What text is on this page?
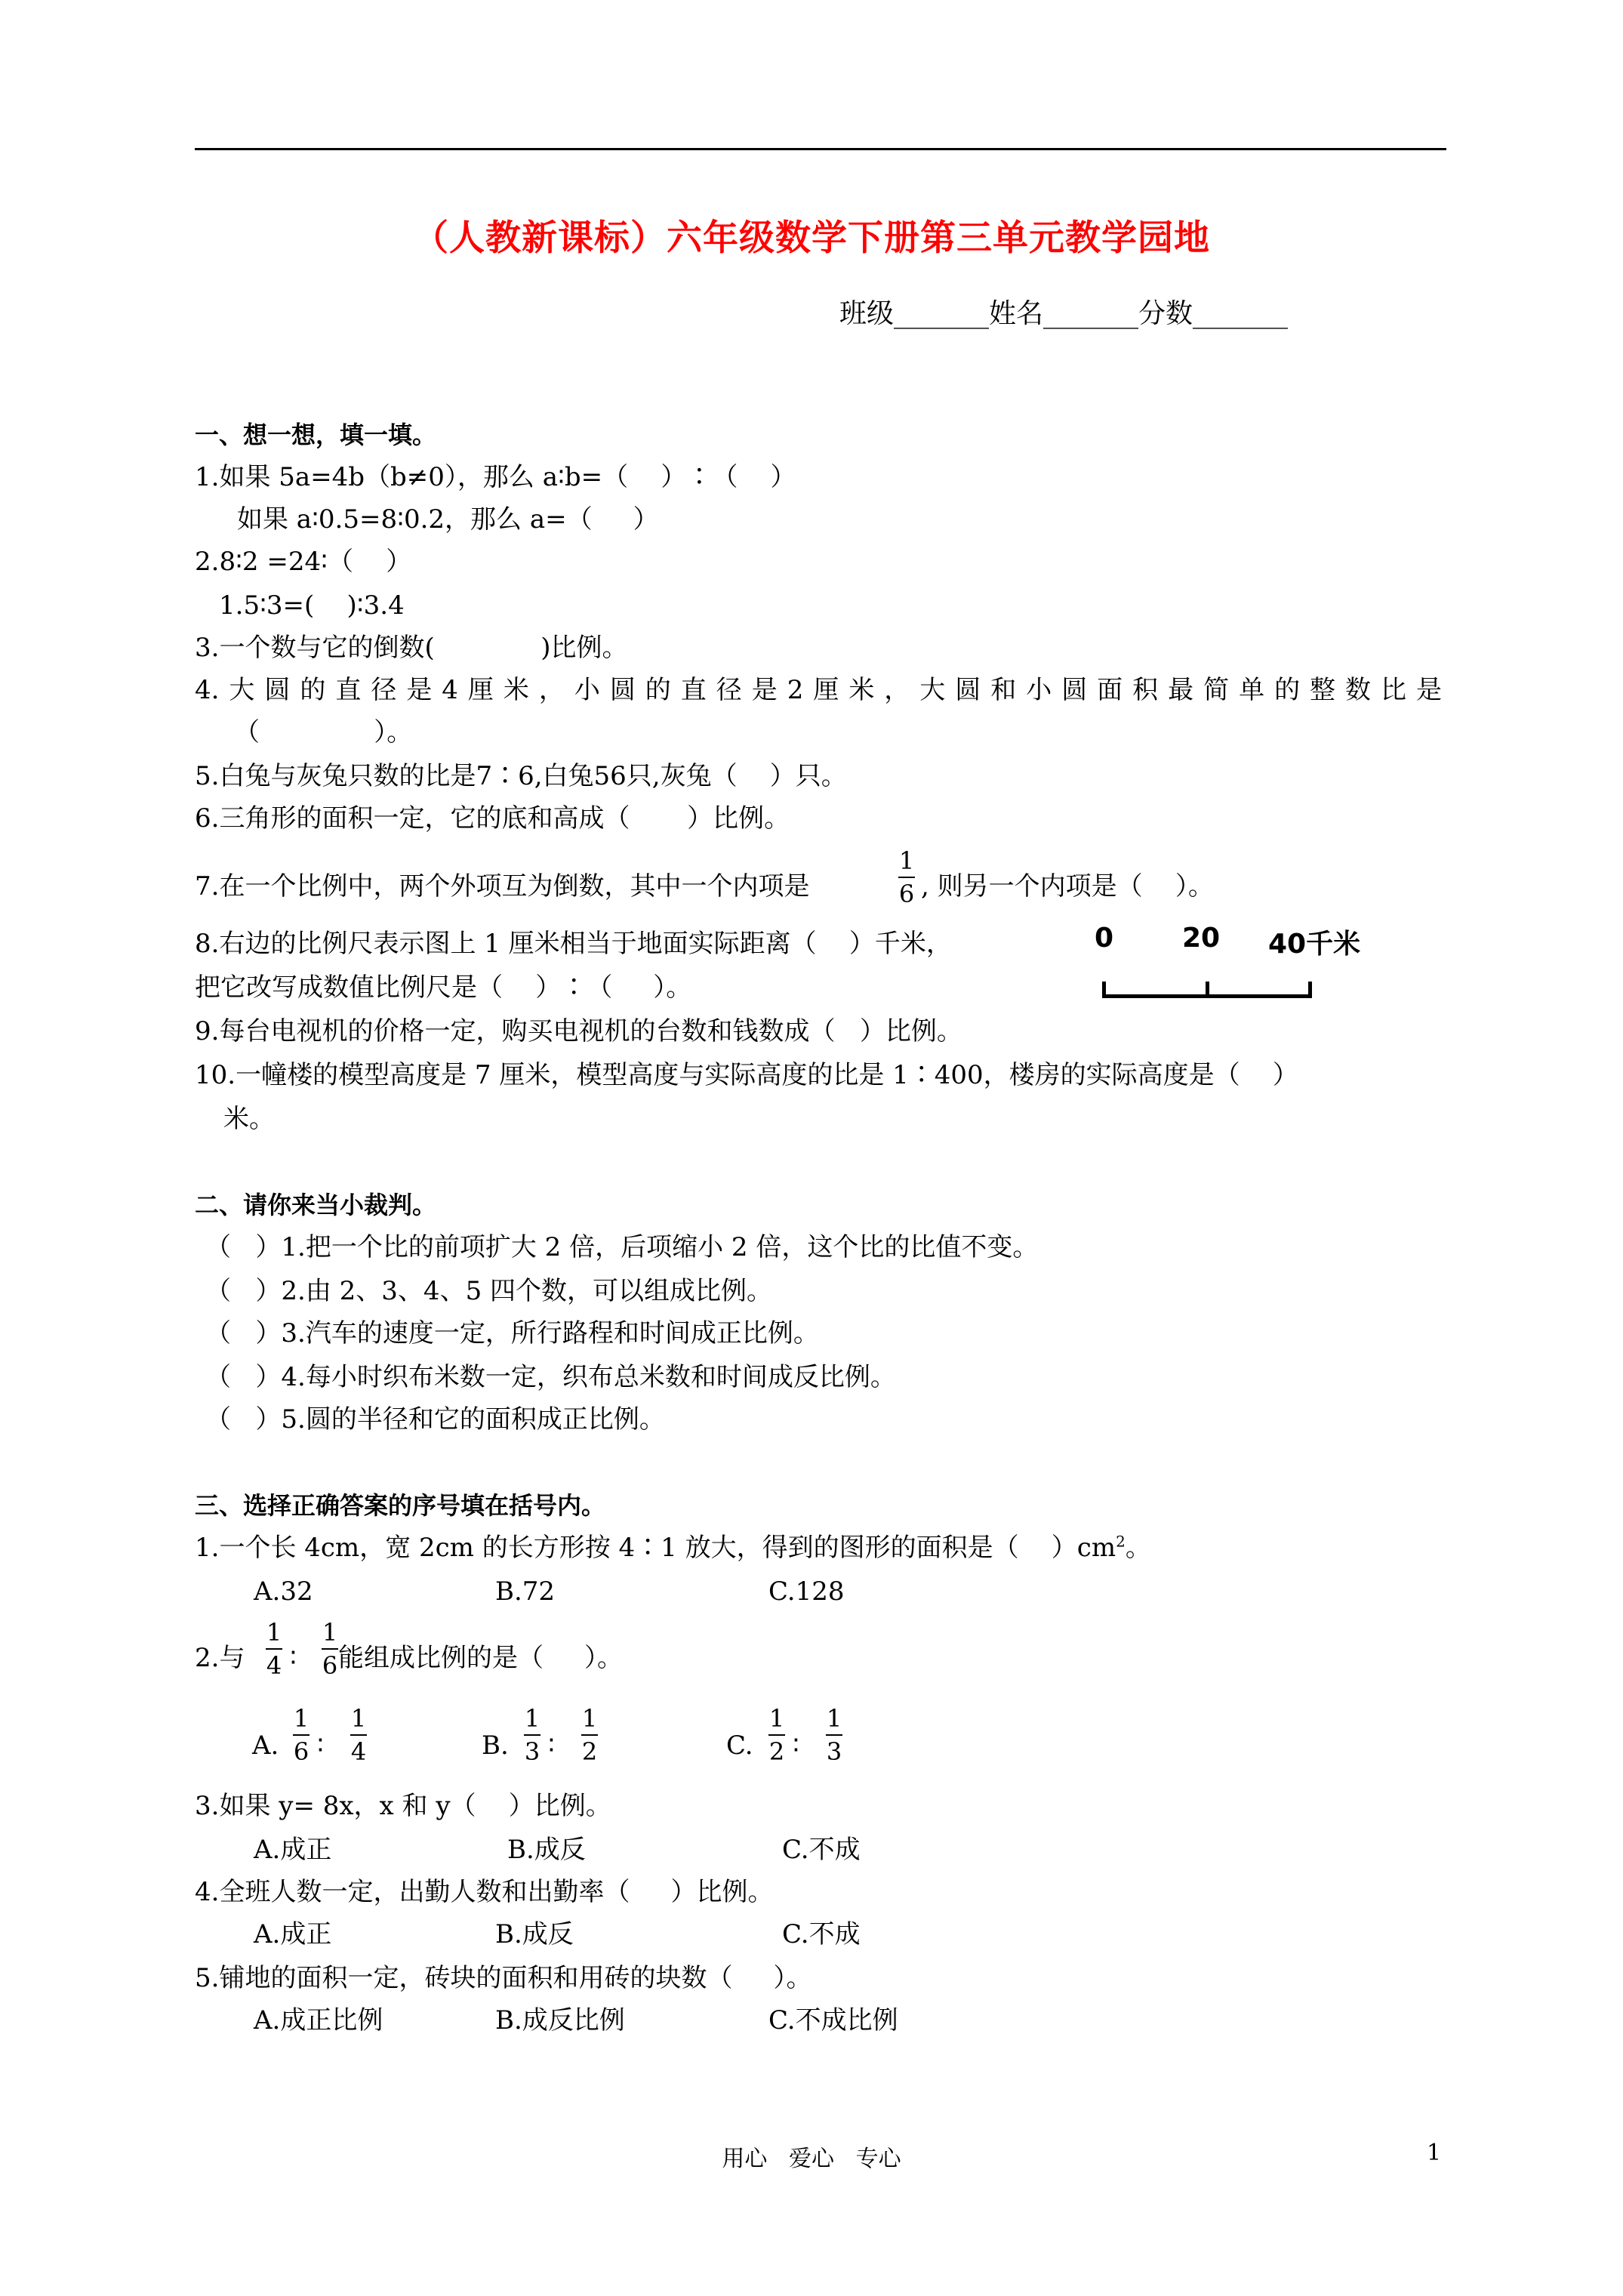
（人教新课标）六年级数学下册第三单元教学园地
班级_______姓名_______分数_______
一、想一想，填一填。
1.如果 5a=4b（b≠0），那么 a∶b=（    ）∶（    ）
如果 a∶0.5=8∶0.2，那么 a=（     ）
2.8∶2 =24∶（    ）
1.5∶3=(    )∶3.4
3.一个数与它的倒数(             )比例。
4.大圆的直径是4厘米，小圆的直径是2厘米，大圆和小圆面积最简单的整数比是
（              ）。
5.白兔与灰兔只数的比是7∶6,白兔56只,灰兔（    ）只。
6.三角形的面积一定，它的底和高成（       ）比例。
7.在一个比例中，两个外项互为倒数，其中一个内项是
1
6 , 则另一个内项是（    ）。
8.右边的比例尺表示图上 1 厘米相当于地面实际距离（    ）千米，
把它改写成数值比例尺是（    ）∶（     ）。
0	20 40千米
9.每台电视机的价格一定，购买电视机的台数和钱数成（   ）比例。
10.一幢楼的模型高度是 7 厘米，模型高度与实际高度的比是 1∶400，楼房的实际高度是（    ）
米。
二、请你来当小裁判。
（   ）1.把一个比的前项扩大 2 倍，后项缩小 2 倍，这个比的比值不变。
（   ）2.由 2、3、4、5 四个数，可以组成比例。
（   ）3.汽车的速度一定，所行路程和时间成正比例。
（   ）4.每小时织布米数一定，织布总米数和时间成反比例。
（   ）5.圆的半径和它的面积成正比例。
三、选择正确答案的序号填在括号内。
1.一个长 4cm，宽 2cm 的长方形按 4∶1 放大，得到的图形的面积是（    ）$cm^2$。
A.32	B.72	C.128
2.与
1
4 ∶
1
6 能组成比例的是（     ）。
A.
1
6 ∶
1
4	B.
1
3 ∶
1
2	C.
1
2 ∶
1
3
3.如果 y= 8x，x 和 y（    ）比例。
A.成正	B.成反	C.不成
4.全班人数一定，出勤人数和出勤率（     ）比例。
A.成正	B.成反	C.不成
5.铺地的面积一定，砖块的面积和用砖的块数（     ）。
A.成正比例	B.成反比例	C.不成比例
用心   爱心   专心	1
